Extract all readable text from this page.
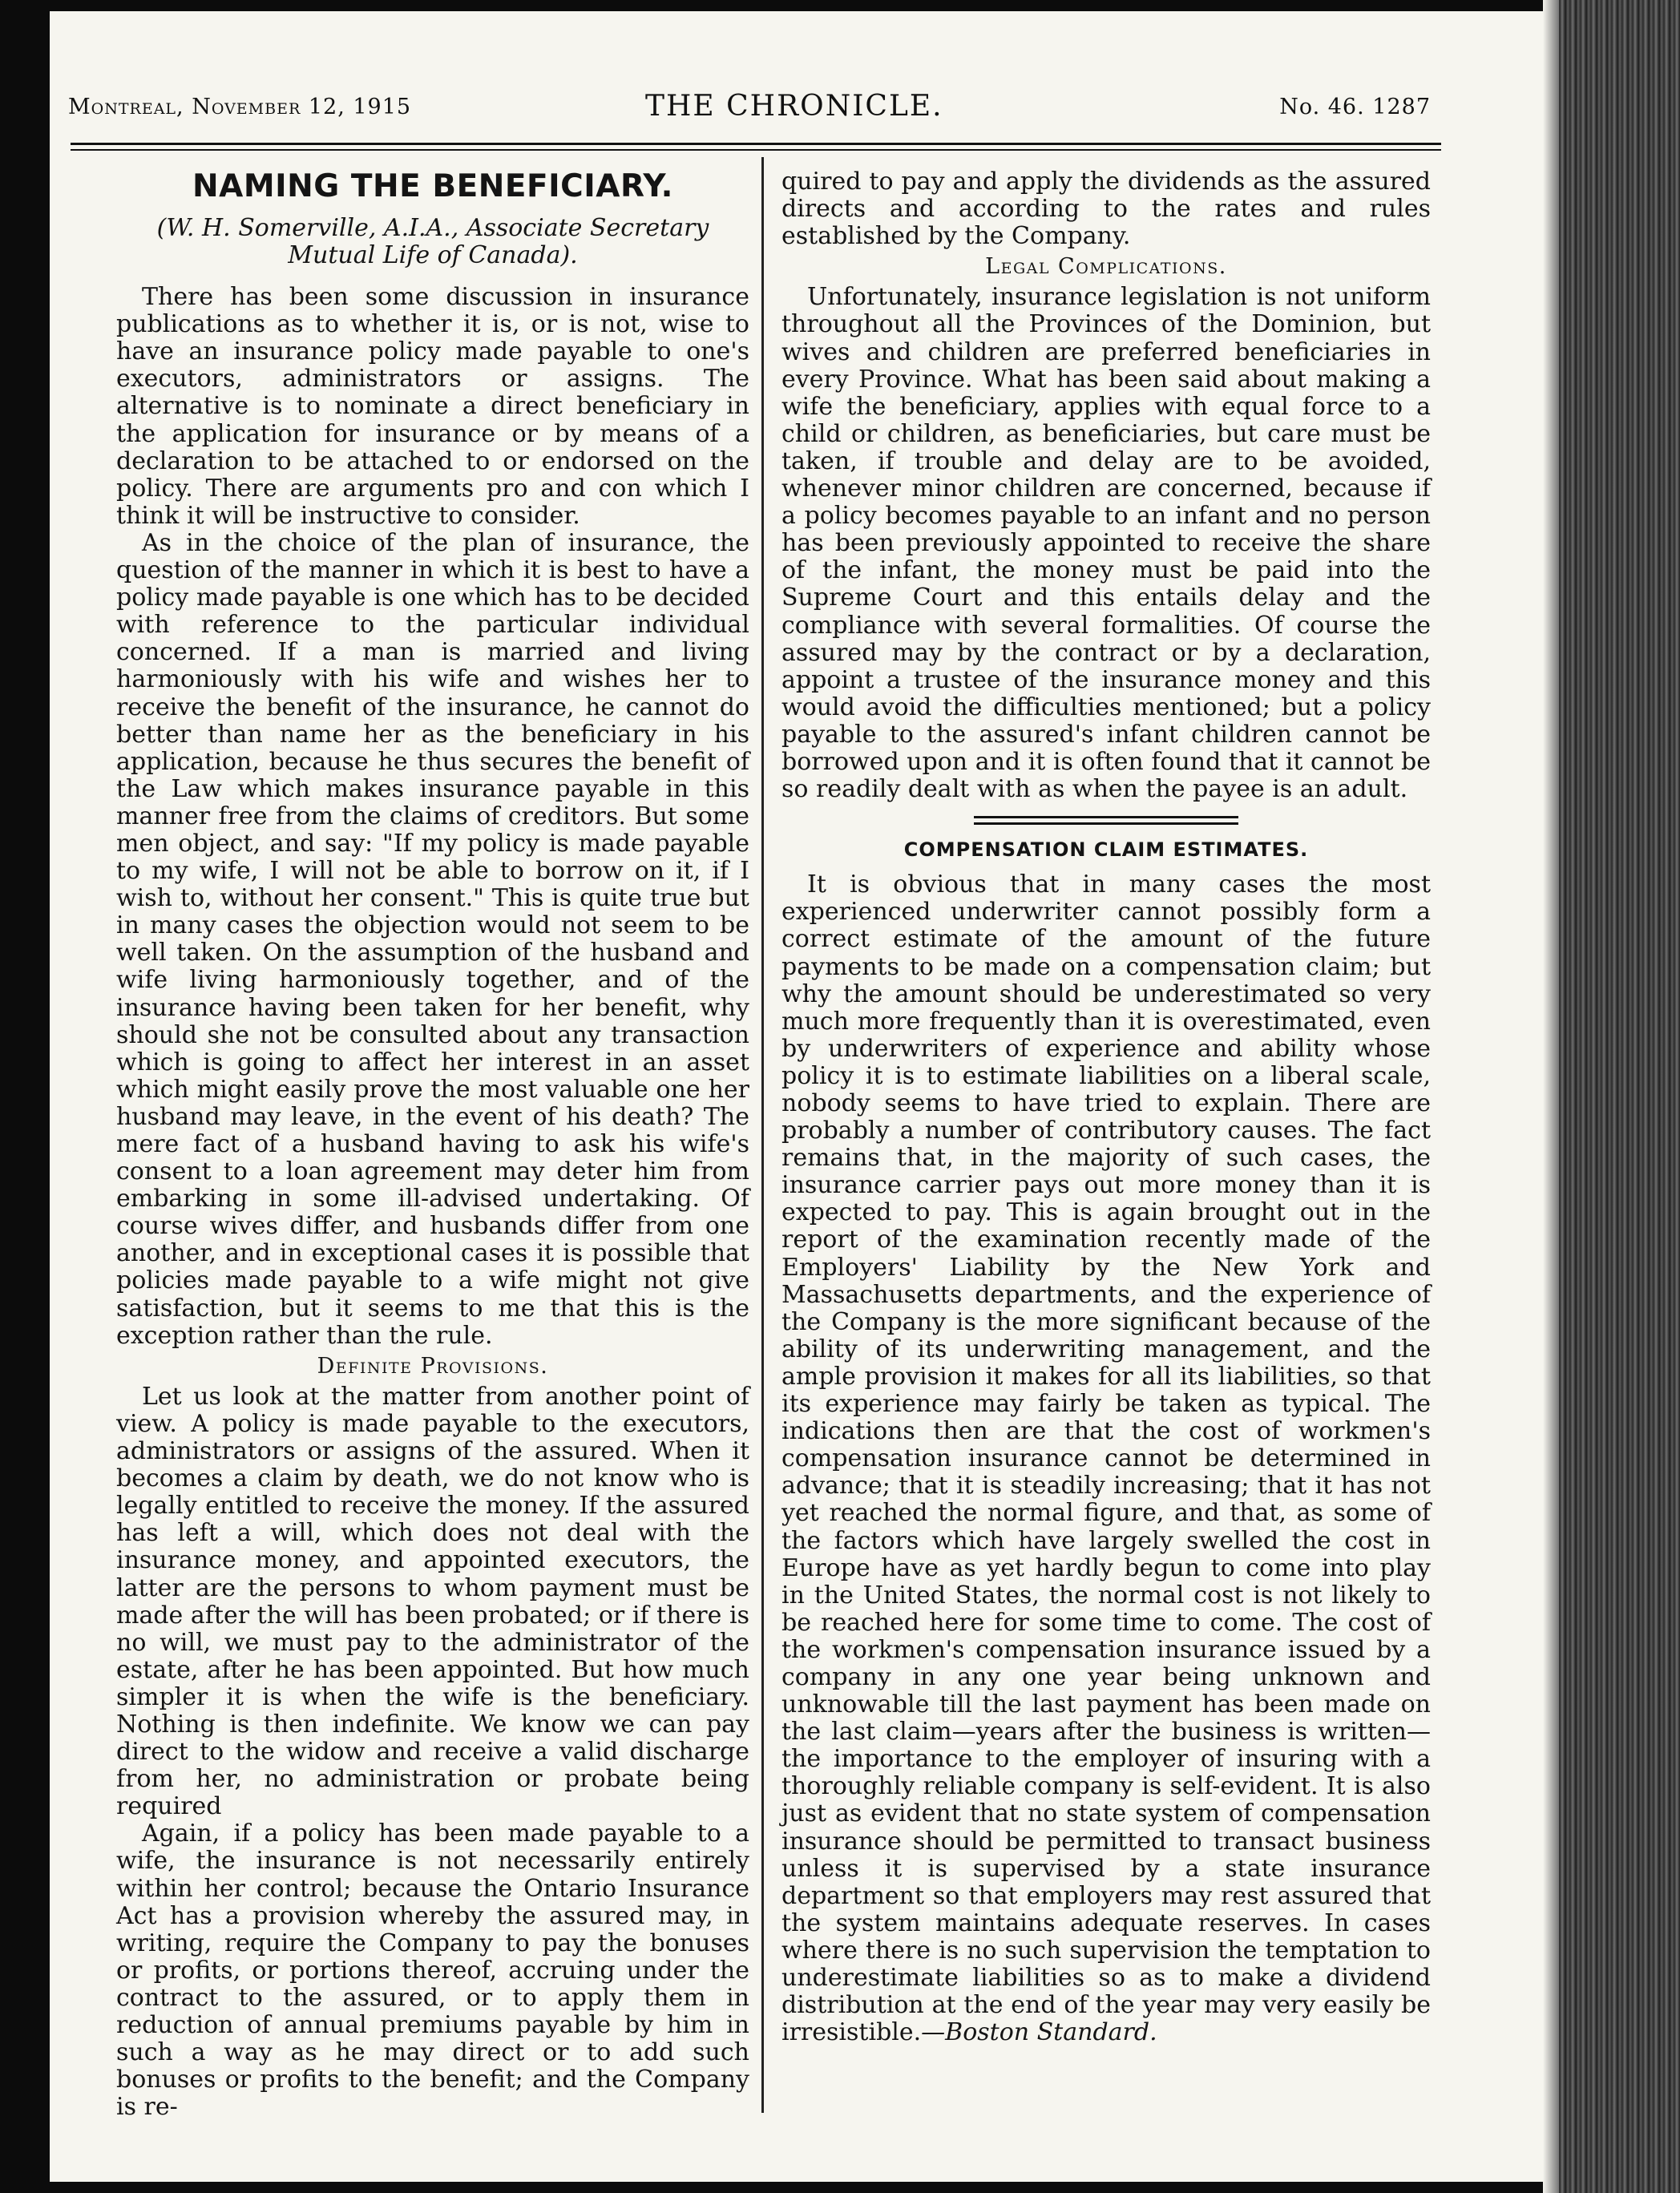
Montreal, November 12, 1915	THE CHRONICLE.	No. 46. 1287
NAMING THE BENEFICIARY.
(W. H. Somerville, A.I.A., Associate Secretary Mutual Life of Canada).

There has been some discussion in insurance publications as to whether it is, or is not, wise to have an insurance policy made payable to one's executors, administrators or assigns. The alternative is to nominate a direct beneficiary in the application for insurance or by means of a declaration to be attached to or endorsed on the policy. There are arguments pro and con which I think it will be instructive to consider.

As in the choice of the plan of insurance, the question of the manner in which it is best to have a policy made payable is one which has to be decided with reference to the particular individual concerned. If a man is married and living harmoniously with his wife and wishes her to receive the benefit of the insurance, he cannot do better than name her as the beneficiary in his application, because he thus secures the benefit of the Law which makes insurance payable in this manner free from the claims of creditors. But some men object, and say: "If my policy is made payable to my wife, I will not be able to borrow on it, if I wish to, without her consent." This is quite true but in many cases the objection would not seem to be well taken. On the assumption of the husband and wife living harmoniously together, and of the insurance having been taken for her benefit, why should she not be consulted about any transaction which is going to affect her interest in an asset which might easily prove the most valuable one her husband may leave, in the event of his death? The mere fact of a husband having to ask his wife's consent to a loan agreement may deter him from embarking in some ill-advised undertaking. Of course wives differ, and husbands differ from one another, and in exceptional cases it is possible that policies made payable to a wife might not give satisfaction, but it seems to me that this is the exception rather than the rule.

Definite Provisions.

Let us look at the matter from another point of view. A policy is made payable to the executors, administrators or assigns of the assured. When it becomes a claim by death, we do not know who is legally entitled to receive the money. If the assured has left a will, which does not deal with the insurance money, and appointed executors, the latter are the persons to whom payment must be made after the will has been probated; or if there is no will, we must pay to the administrator of the estate, after he has been appointed. But how much simpler it is when the wife is the beneficiary. Nothing is then indefinite. We know we can pay direct to the widow and receive a valid discharge from her, no administration or probate being required

Again, if a policy has been made payable to a wife, the insurance is not necessarily entirely within her control; because the Ontario Insurance Act has a provision whereby the assured may, in writing, require the Company to pay the bonuses or profits, or portions thereof, accruing under the contract to the assured, or to apply them in reduction of annual premiums payable by him in such a way as he may direct or to add such bonuses or profits to the benefit; and the Company is re-

quired to pay and apply the dividends as the assured directs and according to the rates and rules established by the Company.

Legal Complications.

Unfortunately, insurance legislation is not uniform throughout all the Provinces of the Dominion, but wives and children are preferred beneficiaries in every Province. What has been said about making a wife the beneficiary, applies with equal force to a child or children, as beneficiaries, but care must be taken, if trouble and delay are to be avoided, whenever minor children are concerned, because if a policy becomes payable to an infant and no person has been previously appointed to receive the share of the infant, the money must be paid into the Supreme Court and this entails delay and the compliance with several formalities. Of course the assured may by the contract or by a declaration, appoint a trustee of the insurance money and this would avoid the difficulties mentioned; but a policy payable to the assured's infant children cannot be borrowed upon and it is often found that it cannot be so readily dealt with as when the payee is an adult.

COMPENSATION CLAIM ESTIMATES.

It is obvious that in many cases the most experienced underwriter cannot possibly form a correct estimate of the amount of the future payments to be made on a compensation claim; but why the amount should be underestimated so very much more frequently than it is overestimated, even by underwriters of experience and ability whose policy it is to estimate liabilities on a liberal scale, nobody seems to have tried to explain. There are probably a number of contributory causes. The fact remains that, in the majority of such cases, the insurance carrier pays out more money than it is expected to pay. This is again brought out in the report of the examination recently made of the Employers' Liability by the New York and Massachusetts departments, and the experience of the Company is the more significant because of the ability of its underwriting management, and the ample provision it makes for all its liabilities, so that its experience may fairly be taken as typical. The indications then are that the cost of workmen's compensation insurance cannot be determined in advance; that it is steadily increasing; that it has not yet reached the normal figure, and that, as some of the factors which have largely swelled the cost in Europe have as yet hardly begun to come into play in the United States, the normal cost is not likely to be reached here for some time to come. The cost of the workmen's compensation insurance issued by a company in any one year being unknown and unknowable till the last payment has been made on the last claim—years after the business is written—the importance to the employer of insuring with a thoroughly reliable company is self-evident. It is also just as evident that no state system of compensation insurance should be permitted to transact business unless it is supervised by a state insurance department so that employers may rest assured that the system maintains adequate reserves. In cases where there is no such supervision the temptation to underestimate liabilities so as to make a dividend distribution at the end of the year may very easily be irresistible.—Boston Standard.
